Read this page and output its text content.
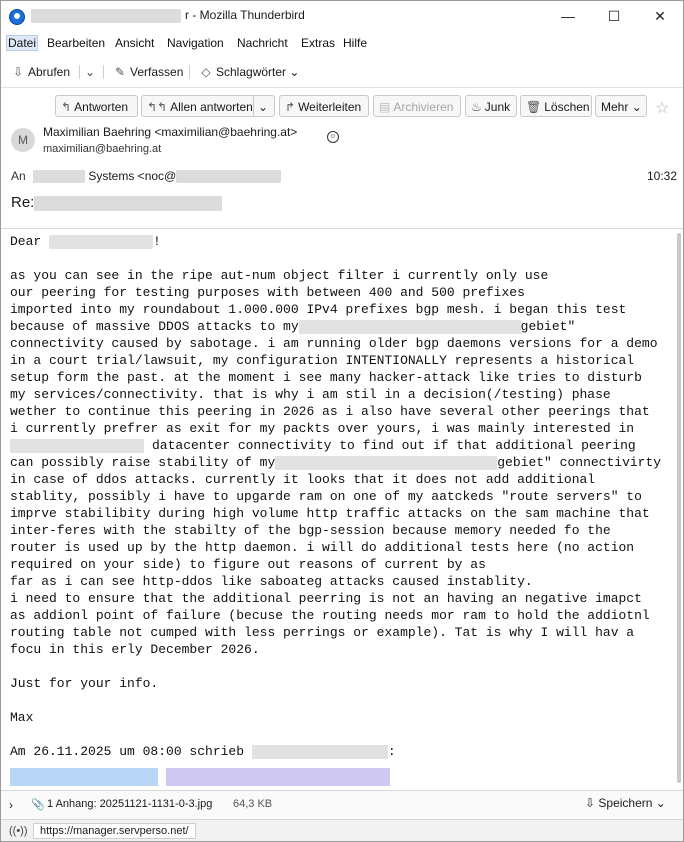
r - Mozilla Thunderbird	—	☐	✕
Datei Bearbeiten Ansicht Navigation Nachricht Extras Hilfe
⇩ Abrufen ⌄ ✎ Verfassen ◇ Schlagwörter ⌄
↰ Antworten	↰↰ Allen antworten ⌄	↱ Weiterleiten	▤ Archivieren	♨ Junk	🗑 Löschen Mehr ⌄ ☆
M
Maximilian Baehring <maximilian@baehring.at>	☺
maximilian@baehring.at
An	Systems <noc@	10:32
Re:
Dear	!
as you can see in the ripe aut-num object filter i currently only use
our peering for testing purposes with between 400 and 500 prefixes
imported into my roundabout 1.000.000 IPv4 prefixes bgp mesh. i began this test
because of massive DDOS attacks to my	gebiet"
connectivity caused by sabotage. i am running older bgp daemons versions for a demo
in a court trial/lawsuit, my configuration INTENTIONALLY represents a historical
setup form the past. at the moment i see many hacker-attack like tries to disturb
my services/connectivity. that is why i am stil in a decision(/testing) phase
wether to continue this peering in 2026 as i also have several other peerings that
i currently prefrer as exit for my packts over yours, i was mainly interested in
datacenter connectivity to find out if that additional peering
can possibly raise stability of my	gebiet" connectivirty
in case of ddos attacks. currently it looks that it does not add additional
stablity, possibly i have to upgarde ram on one of my aatckeds "route servers" to
imprve stabilibity during high volume http traffic attacks on the sam machine that
inter-feres with the stabilty of the bgp-session because memory needed fo the
router is used up by the http daemon. i will do additional tests here (no action
required on your side) to figure out reasons of current by as
far as i can see http-ddos like saboateg attacks caused instablity.
i need to ensure that the additional peerring is not an having an negative imapct
as addionl point of failure (becuse the routing needs mor ram to hold the addiotnl
routing table not cumped with less perrings or example). Tat is why I will hav a
focu in this erly December 2026.
Just for your info.
Max
Am 26.11.2025 um 08:00 schrieb	:
› 📎 1 Anhang: 20251121-1131-0-3.jpg 64,3 KB	⇩ Speichern ⌄
((•))	https://manager.servperso.net/
